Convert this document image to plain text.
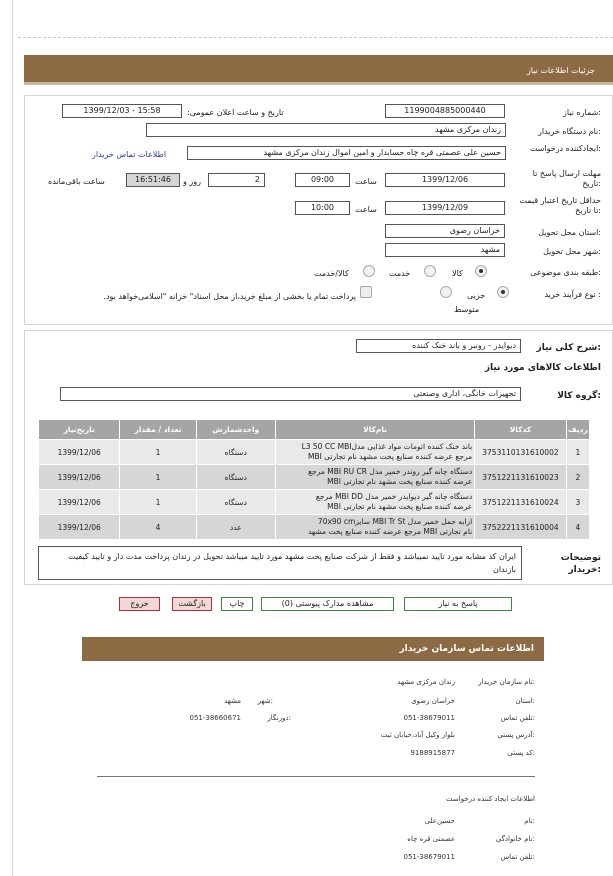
جزئیات اطلاعات نیاز
شماره نیاز:
1199004885000440
تاریخ و ساعت اعلان عمومی:
1399/12/03 - 15:58
نام دستگاه خریدار:
زندان مرکزی مشهد
ایجادکننده درخواست:
حسین علی عصمتی قره چاه حسابدار و امین اموال زندان مرکزی مشهد
اطلاعات تماس خریدار
مهلت ارسال پاسخ تا تاریخ:
1399/12/06
ساعت
09:00
2
روز و
16:51:46
ساعت باقی‌مانده
حداقل تاریخ اعتبار قیمت تا تاریخ:
1399/12/09
ساعت
10:00
استان محل تحویل:
خراسان رضوی
شهر محل تحویل:
مشهد
طبقه بندی موضوعی:
کالا
خدمت
کالا/خدمت
نوع فرآیند خرید :
جزیی
متوسط
پرداخت تمام یا بخشی از مبلغ خرید،از محل اسناد" خزانه "اسلامی‌خواهد بود.
شرح کلی نیاز:
دیوایدر - رونبر و باند خنک کننده
اطلاعات کالاهای مورد نیاز
گروه کالا:
تجهیزات خانگی، اداری وصنعتی
ردیف	کدکالا	نام‌کالا	واحدشمارش	تعداد / مقدار	تاریخ‌نیاز
1	3753110131610002	باند خنک کننده اتومات مواد غذایی مدلL3 50 CC MBI
مرجع عرضه کننده صنایع پخت مشهد نام تجارتی MBI	دستگاه	1	1399/12/06
2	3751221131610023	دستگاه چانه گیر روندر خمیر مدل MBI RU CR مرجع
عرضه کننده صنایع پخت مشهد نام تجارتی MBI	دستگاه	1	1399/12/06
3	3751221131610024	دستگاه چانه گیر دیوایدر خمیر مدل MBI DD مرجع
عرضه کننده صنایع پخت مشهد نام تجارتی MBI	دستگاه	1	1399/12/06
4	3752221131610004	ارابه حمل خمیر مدل MBI Tr St سایز70x90 cm
نام تجارتی MBI مرجع عرضه کننده صنایع پخت مشهد	عدد	4	1399/12/06
توضیحات خریدار:
ایران کد مشابه مورد تایید نمیباشد و فقط از شرکت صنایع پخت مشهد مورد تایید میباشد تحویل در زندان پرداخت مدت دار و تایید کیفیت بازندان
پاسخ به نیاز
مشاهده مدارک پیوستی (0)
چاپ
بازگشت
خروج
اطلاعات تماس سازمان خریدار
نام سازمان خریدار:
زندان مرکزی مشهد
استان:
خراسان رضوی
شهر:
مشهد
تلفن تماس:
051-38679011
دورنگار:
051-38660671
آدرس پستی:
بلوار وکیل آباد،خیابان ثبت
کد پستی:
9188915877
اطلاعات ایجاد کننده درخواست
نام:
حسین‌علی
نام خانوادگی:
عصمتی قره چاه
تلفن تماس:
051-38679011
